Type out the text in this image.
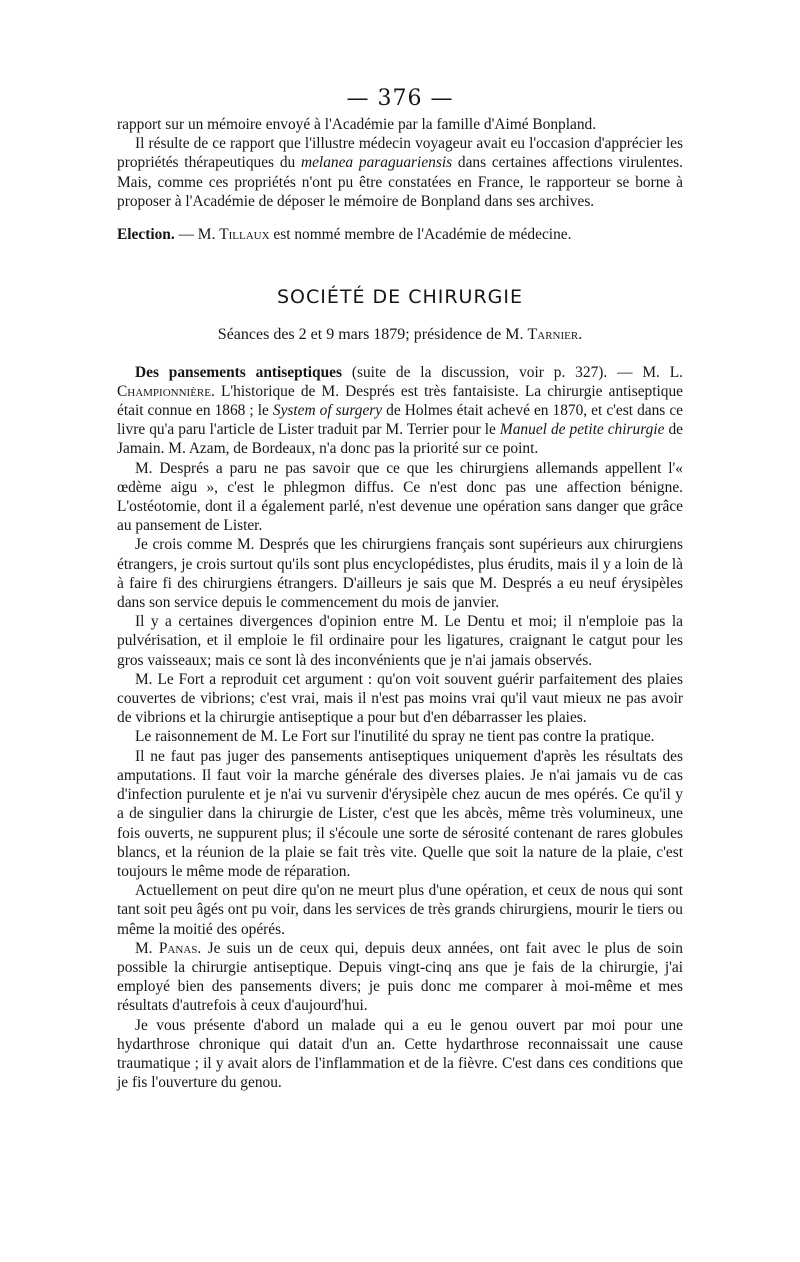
— 376 —

rapport sur un mémoire envoyé à l'Académie par la famille d'Aimé Bonpland.

Il résulte de ce rapport que l'illustre médecin voyageur avait eu l'occasion d'apprécier les propriétés thérapeutiques du melanea paraguariensis dans certaines affections virulentes. Mais, comme ces propriétés n'ont pu être constatées en France, le rapporteur se borne à proposer à l'Académie de déposer le mémoire de Bonpland dans ses archives.

Election. — M. Tillaux est nommé membre de l'Académie de médecine.

SOCIÉTÉ DE CHIRURGIE
Séances des 2 et 9 mars 1879; présidence de M. Tarnier.

Des pansements antiseptiques (suite de la discussion, voir p. 327). — M. L. Championnière. L'historique de M. Després est très fantaisiste. La chirurgie antiseptique était connue en 1868 ; le System of surgery de Holmes était achevé en 1870, et c'est dans ce livre qu'a paru l'article de Lister traduit par M. Terrier pour le Manuel de petite chirurgie de Jamain. M. Azam, de Bordeaux, n'a donc pas la priorité sur ce point.

M. Després a paru ne pas savoir que ce que les chirurgiens allemands appellent l'« œdème aigu », c'est le phlegmon diffus. Ce n'est donc pas une affection bénigne. L'ostéotomie, dont il a également parlé, n'est devenue une opération sans danger que grâce au pansement de Lister.

Je crois comme M. Després que les chirurgiens français sont supérieurs aux chirurgiens étrangers, je crois surtout qu'ils sont plus encyclopédistes, plus érudits, mais il y a loin de là à faire fi des chirurgiens étrangers. D'ailleurs je sais que M. Després a eu neuf érysipèles dans son service depuis le commencement du mois de janvier.

Il y a certaines divergences d'opinion entre M. Le Dentu et moi; il n'emploie pas la pulvérisation, et il emploie le fil ordinaire pour les ligatures, craignant le catgut pour les gros vaisseaux; mais ce sont là des inconvénients que je n'ai jamais observés.

M. Le Fort a reproduit cet argument : qu'on voit souvent guérir parfaitement des plaies couvertes de vibrions; c'est vrai, mais il n'est pas moins vrai qu'il vaut mieux ne pas avoir de vibrions et la chirurgie antiseptique a pour but d'en débarrasser les plaies.

Le raisonnement de M. Le Fort sur l'inutilité du spray ne tient pas contre la pratique.

Il ne faut pas juger des pansements antiseptiques uniquement d'après les résultats des amputations. Il faut voir la marche générale des diverses plaies. Je n'ai jamais vu de cas d'infection purulente et je n'ai vu survenir d'érysipèle chez aucun de mes opérés. Ce qu'il y a de singulier dans la chirurgie de Lister, c'est que les abcès, même très volumineux, une fois ouverts, ne suppurent plus; il s'écoule une sorte de sérosité contenant de rares globules blancs, et la réunion de la plaie se fait très vite. Quelle que soit la nature de la plaie, c'est toujours le même mode de réparation.

Actuellement on peut dire qu'on ne meurt plus d'une opération, et ceux de nous qui sont tant soit peu âgés ont pu voir, dans les services de très grands chirurgiens, mourir le tiers ou même la moitié des opérés.

M. Panas. Je suis un de ceux qui, depuis deux années, ont fait avec le plus de soin possible la chirurgie antiseptique. Depuis vingt-cinq ans que je fais de la chirurgie, j'ai employé bien des pansements divers; je puis donc me comparer à moi-même et mes résultats d'autrefois à ceux d'aujourd'hui.

Je vous présente d'abord un malade qui a eu le genou ouvert par moi pour une hydarthrose chronique qui datait d'un an. Cette hydarthrose reconnaissait une cause traumatique ; il y avait alors de l'inflammation et de la fièvre. C'est dans ces conditions que je fis l'ouverture du genou.
